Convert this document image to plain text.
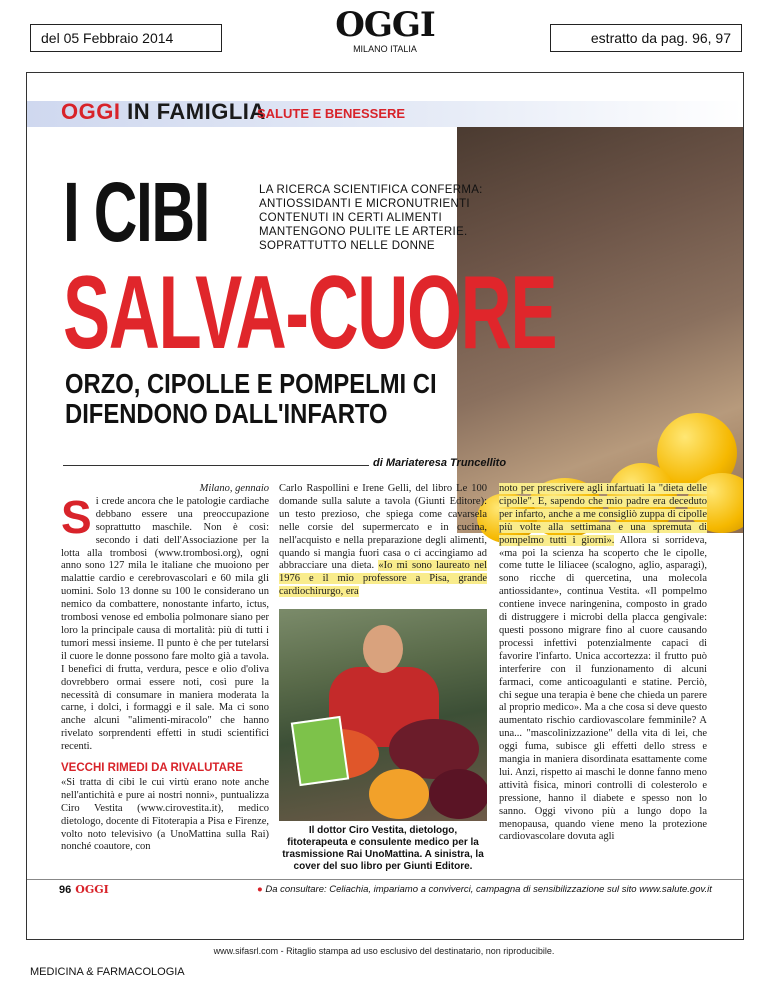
del 05 Febbraio 2014	OGGI
MILANO ITALIA
estratto da pag. 96, 97
OGGI IN FAMIGLIA
SALUTE E BENESSERE
I CIBI	LA RICERCA SCIENTIFICA CONFERMA: ANTIOSSIDANTI E MICRONUTRIENTI CONTENUTI IN CERTI ALIMENTI MANTENGONO PULITE LE ARTERIE. SOPRATTUTTO NELLE DONNE
SALVA-CUORE
ORZO, CIPOLLE E POMPELMI CI DIFENDONO DALL'INFARTO
di Mariateresa Truncellito

Milano, gennaio

Si crede ancora che le patologie cardiache debbano essere una preoccupazione soprattutto maschile. Non è così: secondo i dati dell'Associazione per la lotta alla trombosi (www.trombosi.org), ogni anno sono 127 mila le italiane che muoiono per malattie cardio e cerebrovascolari e 60 mila gli uomini. Solo 13 donne su 100 le considerano un nemico da combattere, nonostante infarto, ictus, trombosi venose ed embolia polmonare siano per loro la principale causa di mortalità: più di tutti i tumori messi insieme. Il punto è che per tutelarsi il cuore le donne possono fare molto già a tavola. I benefici di frutta, verdura, pesce e olio d'oliva dovrebbero ormai essere noti, così pure la necessità di consumare in maniera moderata la carne, i dolci, i formaggi e il sale. Ma ci sono anche alcuni "alimenti-miracolo" che hanno rivelato sorprendenti effetti in studi scientifici recenti.

VECCHI RIMEDI DA RIVALUTARE

«Si tratta di cibi le cui virtù erano note anche nell'antichità e pure ai nostri nonni», puntualizza Ciro Vestita (www.cirovestita.it), medico dietologo, docente di Fitoterapia a Pisa e Firenze, volto noto televisivo (a UnoMattina sulla Rai) nonché coautore, con

Carlo Raspollini e Irene Gelli, del libro Le 100 domande sulla salute a tavola (Giunti Editore): un testo prezioso, che spiega come cavarsela nelle corsie del supermercato e in cucina, nell'acquisto e nella preparazione degli alimenti, quando si mangia fuori casa o ci accingiamo ad abbracciare una dieta. «Io mi sono laureato nel 1976 e il mio professore a Pisa, grande cardiochirurgo, era

Il dottor Ciro Vestita, dietologo, fitoterapeuta e consulente medico per la trasmissione Rai UnoMattina. A sinistra, la cover del suo libro per Giunti Editore.

noto per prescrivere agli infartuati la "dieta delle cipolle". E, sapendo che mio padre era deceduto per infarto, anche a me consigliò zuppa di cipolle più volte alla settimana e una spremuta di pompelmo tutti i giorni». Allora si sorrideva, «ma poi la scienza ha scoperto che le cipolle, come tutte le liliacee (scalogno, aglio, asparagi), sono ricche di quercetina, una molecola antiossidante», continua Vestita. «Il pompelmo contiene invece naringenina, composto in grado di distruggere i microbi della placca gengivale: questi possono migrare fino al cuore causando processi infettivi potenzialmente capaci di favorire l'infarto. Unica accortezza: il frutto può interferire con il funzionamento di alcuni farmaci, come anticoagulanti e statine. Perciò, chi segue una terapia è bene che chieda un parere al proprio medico». Ma a che cosa si deve questo aumentato rischio cardiovascolare femminile? A una... "mascolinizzazione" della vita di lei, che oggi fuma, subisce gli effetti dello stress e mangia in maniera disordinata esattamente come lui. Anzi, rispetto ai maschi le donne fanno meno attività fisica, minori controlli di colesterolo e pressione, hanno il diabete e spesso non lo sanno. Oggi vivono più a lungo dopo la menopausa, quando viene meno la protezione cardiovascolare dovuta agli

96 OGGI	● Da consultare: Celiachia, impariamo a conviverci, campagna di sensibilizzazione sul sito www.salute.gov.it
www.sifasrl.com - Ritaglio stampa ad uso esclusivo del destinatario, non riproducibile.
MEDICINA & FARMACOLOGIA
